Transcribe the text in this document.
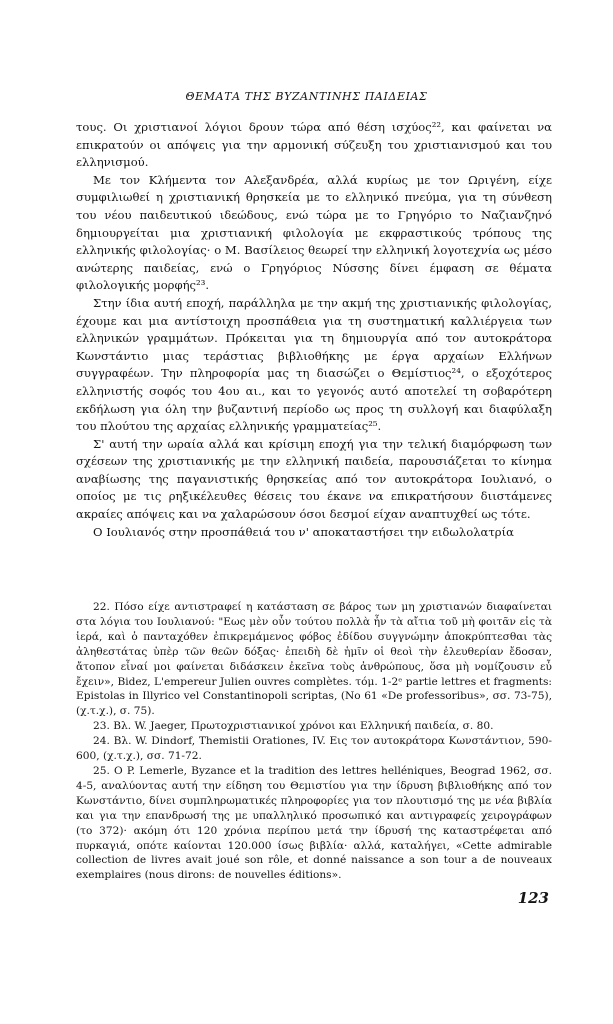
ΘΕΜΑΤΑ ΤΗΣ ΒΥΖΑΝΤΙΝΗΣ ΠΑΙΔΕΙΑΣ

τους. Οι χριστιανοί λόγιοι δρουν τώρα από θέση ισχύος²², και φαίνεται να επικρατούν οι απόψεις για την αρμονική σύζευξη του χριστιανισμού και του ελληνισμού.

Με τον Κλήμεντα τον Αλεξανδρέα, αλλά κυρίως με τον Ωριγένη, είχε συμφιλιωθεί η χριστιανική θρησκεία με το ελληνικό πνεύμα, για τη σύνθεση του νέου παιδευτικού ιδεώδους, ενώ τώρα με το Γρηγόριο το Ναζιανζηνό δημιουργείται μια χριστιανική φιλολογία με εκφραστικούς τρόπους της ελληνικής φιλολογίας· ο Μ. Βασίλειος θεωρεί την ελληνική λογοτεχνία ως μέσο ανώτερης παιδείας, ενώ ο Γρηγόριος Νύσσης δίνει έμφαση σε θέματα φιλολογικής μορφής²³.

Στην ίδια αυτή εποχή, παράλληλα με την ακμή της χριστιανικής φιλολογίας, έχουμε και μια αντίστοιχη προσπάθεια για τη συστηματική καλλιέργεια των ελληνικών γραμμάτων. Πρόκειται για τη δημιουργία από τον αυτοκράτορα Κωνστάντιο μιας τεράστιας βιβλιοθήκης με έργα αρχαίων Ελλήνων συγγραφέων. Την πληροφορία μας τη διασώζει ο Θεμίστιος²⁴, ο εξοχότερος ελληνιστής σοφός του 4ου αι., και το γεγονός αυτό αποτελεί τη σοβαρότερη εκδήλωση για όλη την βυζαντινή περίοδο ως προς τη συλλογή και διαφύλαξη του πλούτου της αρχαίας ελληνικής γραμματείας²⁵.

Σ' αυτή την ωραία αλλά και κρίσιμη εποχή για την τελική διαμόρφωση των σχέσεων της χριστιανικής με την ελληνική παιδεία, παρουσιάζεται το κίνημα αναβίωσης της παγανιστικής θρησκείας από τον αυτοκράτορα Ιουλιανό, ο οποίος με τις ρηξικέλευθες θέσεις του έκανε να επικρατήσουν διιστάμενες ακραίες απόψεις και να χαλαρώσουν όσοι δεσμοί είχαν αναπτυχθεί ως τότε.

Ο Ιουλιανός στην προσπάθειά του ν' αποκαταστήσει την ειδωλολατρία

22. Πόσο είχε αντιστραφεί η κατάσταση σε βάρος των μη χριστιανών διαφαίνεται στα λόγια του Ιουλιανού: "Εως μὲν οὖν τούτου πολλὰ ἦν τὰ αἴτια τοῦ μὴ φοιτᾶν εἰς τὰ ἱερά, καὶ ὁ πανταχόθεν ἐπικρεμάμενος φόβος ἐδίδου συγγνώμην ἀποκρύπτεσθαι τὰς ἀληθεστάτας ὑπὲρ τῶν θεῶν δόξας· ἐπειδὴ δὲ ἡμῖν οἱ θεοὶ τὴν ἐλευθερίαν ἔδοσαν, ἄτοπον εἶναί μοι φαίνεται διδάσκειν ἐκεῖνα τοὺς ἀνθρώπους, ὅσα μὴ νομίζουσιν εὖ ἔχειν», Bidez, L'empereur Julien ouvres complètes. τόμ. 1-2ᵉ partie lettres et fragments: Epistolas in Illyrico vel Constantinopoli scriptas, (No 61 «De professoribus», σσ. 73-75), (χ.τ.χ.), σ. 75).

23. Βλ. W. Jaeger, Πρωτοχριστιανικοί χρόνοι και Ελληνική παιδεία, σ. 80.

24. Βλ. W. Dindorf, Themistii Orationes, IV. Εις τον αυτοκράτορα Κωνστάντιον, 590-600, (χ.τ.χ.), σσ. 71-72.

25. Ο P. Lemerle, Byzance et la tradition des lettres helléniques, Beograd 1962, σσ. 4-5, αναλύοντας αυτή την είδηση του Θεμιστίου για την ίδρυση βιβλιοθήκης από τον Κωνστάντιο, δίνει συμπληρωματικές πληροφορίες για τον πλουτισμό της με νέα βιβλία και για την επανδρωσή της με υπαλληλικό προσωπικό και αντιγραφείς χειρογράφων (το 372)· ακόμη ότι 120 χρόνια περίπου μετά την ίδρυσή της καταστρέφεται από πυρκαγιά, οπότε καίονται 120.000 ίσως βιβλία· αλλά, καταλήγει, «Cette admirable collection de livres avait joué son rôle, et donné naissance a son tour a de nouveaux exemplaires (nous dirons: de nouvelles éditions».

123
